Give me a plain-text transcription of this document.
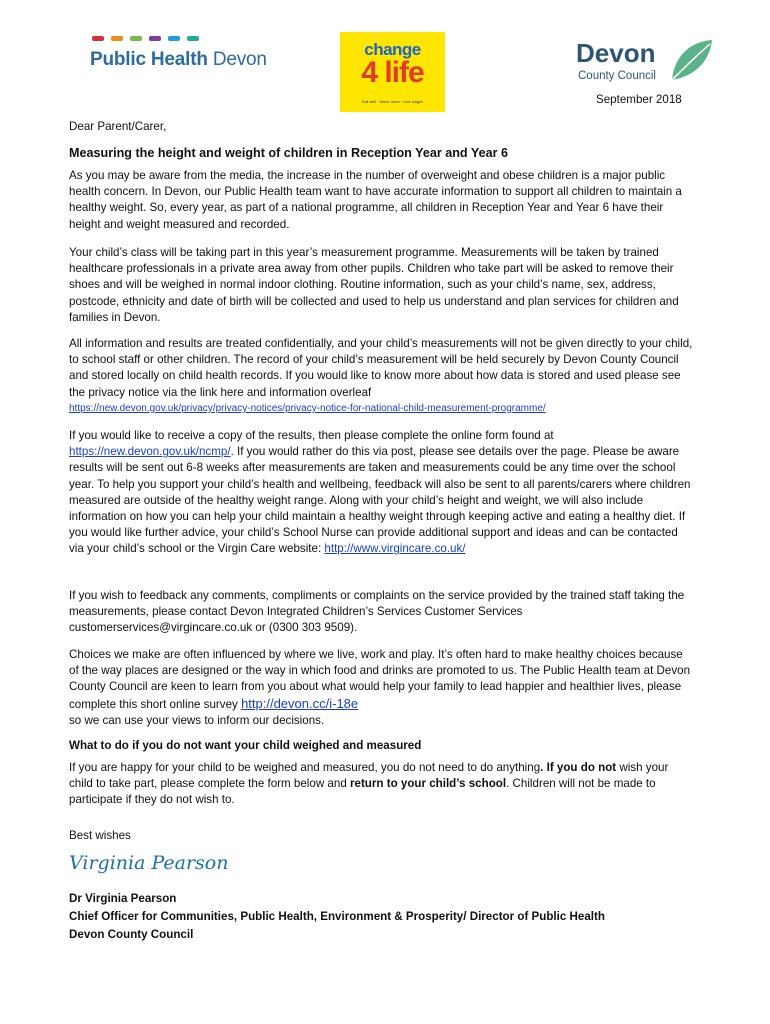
Public Health Devon	change
4 life
Eat well · Move more · Live longer
Devon
County Council
September 2018
Dear Parent/Carer,
Measuring the height and weight of children in Reception Year and Year 6
As you may be aware from the media, the increase in the number of overweight and obese children is a major public health concern. In Devon, our Public Health team want to have accurate information to support all children to maintain a healthy weight. So, every year, as part of a national programme, all children in Reception Year and Year 6 have their height and weight measured and recorded.
Your child’s class will be taking part in this year’s measurement programme. Measurements will be taken by trained healthcare professionals in a private area away from other pupils. Children who take part will be asked to remove their shoes and will be weighed in normal indoor clothing. Routine information, such as your child’s name, sex, address, postcode, ethnicity and date of birth will be collected and used to help us understand and plan services for children and families in Devon.
All information and results are treated confidentially, and your child’s measurements will not be given directly to your child, to school staff or other children. The record of your child’s measurement will be held securely by Devon County Council and stored locally on child health records. If you would like to know more about how data is stored and used please see the privacy notice via the link here and information overleaf
https://new.devon.gov.uk/privacy/privacy-notices/privacy-notice-for-national-child-measurement-programme/
If you would like to receive a copy of the results, then please complete the online form found at https://new.devon.gov.uk/ncmp/. If you would rather do this via post, please see details over the page. Please be aware results will be sent out 6-8 weeks after measurements are taken and measurements could be any time over the school year. To help you support your child’s health and wellbeing, feedback will also be sent to all parents/carers where children measured are outside of the healthy weight range. Along with your child’s height and weight, we will also include information on how you can help your child maintain a healthy weight through keeping active and eating a healthy diet. If you would like further advice, your child’s School Nurse can provide additional support and ideas and can be contacted via your child’s school or the Virgin Care website: http://www.virgincare.co.uk/
If you wish to feedback any comments, compliments or complaints on the service provided by the trained staff taking the measurements, please contact Devon Integrated Children’s Services Customer Services customerservices@virgincare.co.uk or (0300 303 9509).
Choices we make are often influenced by where we live, work and play. It’s often hard to make healthy choices because of the way places are designed or the way in which food and drinks are promoted to us. The Public Health team at Devon County Council are keen to learn from you about what would help your family to lead happier and healthier lives, please complete this short online survey http://devon.cc/i-18e
so we can use your views to inform our decisions.
What to do if you do not want your child weighed and measured
If you are happy for your child to be weighed and measured, you do not need to do anything. If you do not wish your child to take part, please complete the form below and return to your child’s school. Children will not be made to participate if they do not wish to.
Best wishes
Virginia Pearson
Dr Virginia Pearson
Chief Officer for Communities, Public Health, Environment & Prosperity/ Director of Public Health
Devon County Council
